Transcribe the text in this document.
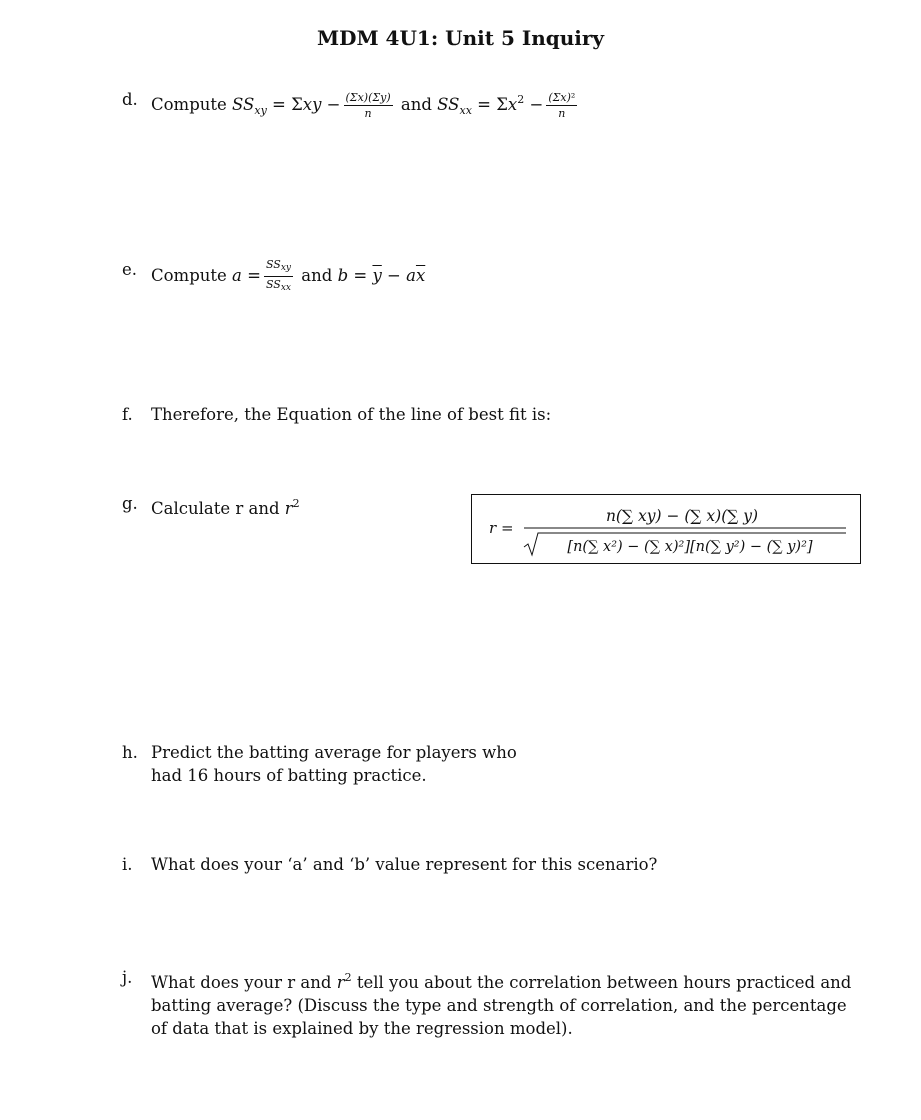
MDM 4U1: Unit 5 Inquiry
d. Compute $SS_{xy} = \Sigma xy - \frac{(\Sigma x)(\Sigma y)}{n}$ and $SS_{xx} = \Sigma x^2 - \frac{\text{(Σx)²}}{n}$
e. Compute $a = \frac{\text{SSxy}}{\text{SSxx}}$ and $b = \overline{y} - a\overline{x}$
f. Therefore, the Equation of the line of best fit is:
g. Calculate r and $r^2$
r =
n(∑ xy) − (∑ x)(∑ y)
[n(∑ x²) − (∑ x)²][n(∑ y²) − (∑ y)²]
h. Predict the batting average for players who
had 16 hours of batting practice.
i. What does your ‘a’ and ‘b’ value represent for this scenario?
j. What does your r and $r^2$ tell you about the correlation between hours practiced and
batting average? (Discuss the type and strength of correlation, and the percentage
of data that is explained by the regression model).
